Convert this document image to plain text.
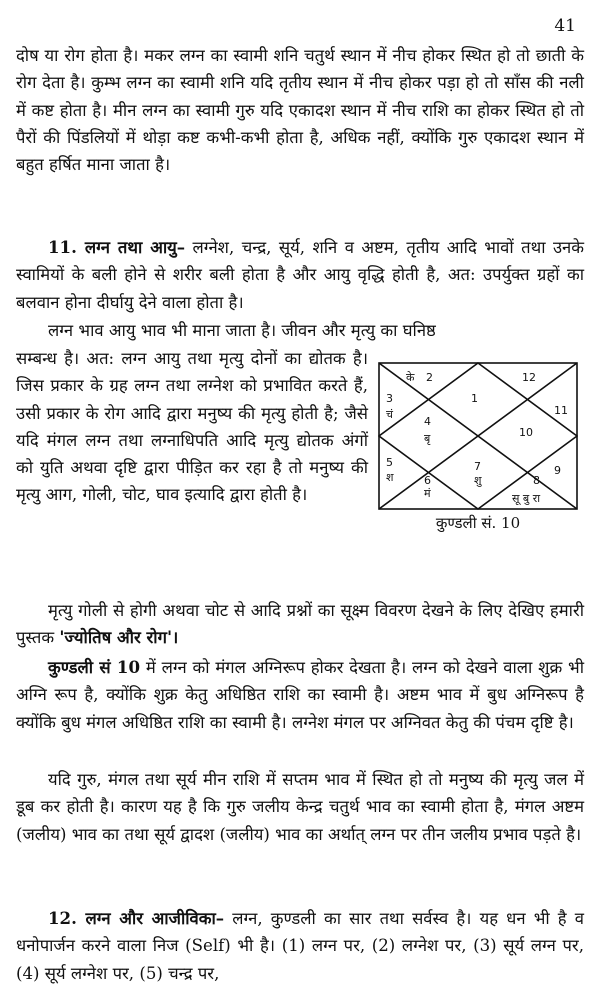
41

दोष या रोग होता है। मकर लग्न का स्वामी शनि चतुर्थ स्थान में नीच होकर स्थित हो तो छाती के रोग देता है। कुम्भ लग्न का स्वामी शनि यदि तृतीय स्थान में नीच होकर पड़ा हो तो साँस की नली में कष्ट होता है। मीन लग्न का स्वामी गुरु यदि एकादश स्थान में नीच राशि का होकर स्थित हो तो पैरों की पिंडलियों में थोड़ा कष्ट कभी-कभी होता है, अधिक नहीं, क्योंकि गुरु एकादश स्थान में बहुत हर्षित माना जाता है।

11. लग्न तथा आयु– लग्नेश, चन्द्र, सूर्य, शनि व अष्टम, तृतीय आदि भावों तथा उनके स्वामियों के बली होने से शरीर बली होता है और आयु वृद्धि होती है, अत: उपर्युक्त ग्रहों का बलवान होना दीर्घायु देने वाला होता है।

लग्न भाव आयु भाव भी माना जाता है। जीवन और मृत्यु का घनिष्ठ

सम्बन्ध है। अत: लग्न आयु तथा मृत्यु दोनों का द्योतक है। जिस प्रकार के ग्रह लग्न तथा लग्नेश को प्रभावित करते हैं, उसी प्रकार के रोग आदि द्वारा मनुष्य की मृत्यु होती है; जैसे यदि मंगल लग्न तथा लग्नाधिपति आदि मृत्यु द्योतक अंगों को युति अथवा दृष्टि द्वारा पीड़ित कर रहा है तो मनुष्य की मृत्यु आग, गोली, चोट, घाव इत्यादि द्वारा होती है।

के 2
1
12
11
3
चं
4
बृ	10
5
श
7
शु
6
मं
8
9
सू बु रा
कुण्डली सं. 10

मृत्यु गोली से होगी अथवा चोट से आदि प्रश्नों का सूक्ष्म विवरण देखने के लिए देखिए हमारी पुस्तक 'ज्योतिष और रोग'।

कुण्डली सं 10 में लग्न को मंगल अग्निरूप होकर देखता है। लग्न को देखने वाला शुक्र भी अग्नि रूप है, क्योंकि शुक्र केतु अधिष्ठित राशि का स्वामी है। अष्टम भाव में बुध अग्निरूप है क्योंकि बुध मंगल अधिष्ठित राशि का स्वामी है। लग्नेश मंगल पर अग्निवत केतु की पंचम दृष्टि है।

यदि गुरु, मंगल तथा सूर्य मीन राशि में सप्तम भाव में स्थित हो तो मनुष्य की मृत्यु जल में डूब कर होती है। कारण यह है कि गुरु जलीय केन्द्र चतुर्थ भाव का स्वामी होता है, मंगल अष्टम (जलीय) भाव का तथा सूर्य द्वादश (जलीय) भाव का अर्थात् लग्न पर तीन जलीय प्रभाव पड़ते है।

12. लग्न और आजीविका– लग्न, कुण्डली का सार तथा सर्वस्व है। यह धन भी है व धनोपार्जन करने वाला निज (Self) भी है। (1) लग्न पर, (2) लग्नेश पर, (3) सूर्य लग्न पर, (4) सूर्य लग्नेश पर, (5) चन्द्र पर,
